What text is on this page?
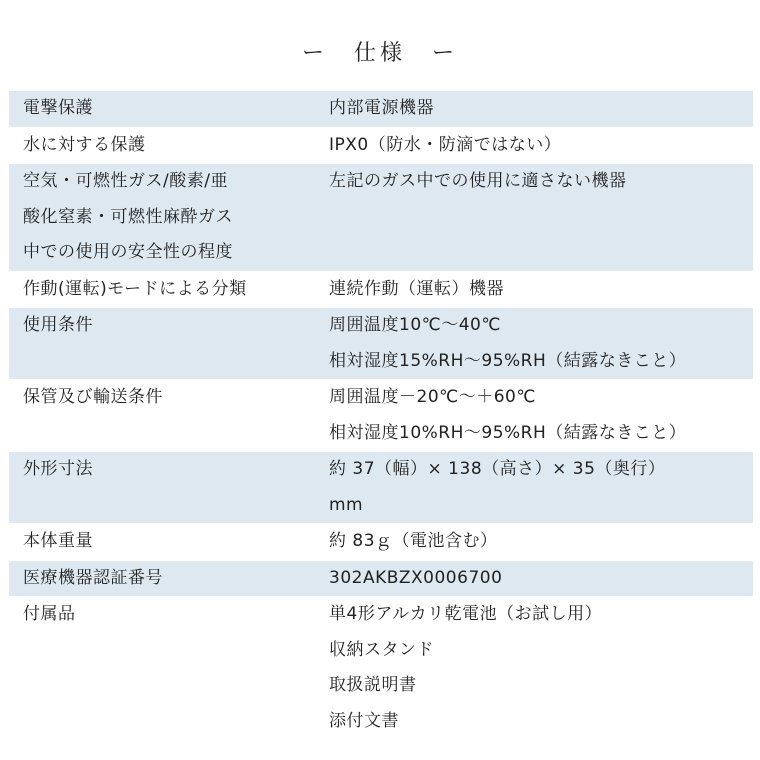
ー　仕様　ー
電撃保護	内部電源機器

水に対する保護	IPX0（防水・防滴ではない）

空気・可燃性ガス/酸素/亜
酸化窒素・可燃性麻酔ガス
中での使用の安全性の程度	左記のガス中での使用に適さない機器

作動(運転)モードによる分類	連続作動（運転）機器

使用条件	周囲温度10℃～40℃
相対湿度15%RH～95%RH（結露なきこと）

保管及び輸送条件	周囲温度－20℃～＋60℃
相対湿度10%RH～95%RH（結露なきこと）

外形寸法	約 37（幅）× 138（高さ）× 35（奥行）
mm

本体重量	約 83ｇ（電池含む）

医療機器認証番号	302AKBZX0006700

付属品	単4形アルカリ乾電池（お試し用）
収納スタンド
取扱説明書
添付文書
